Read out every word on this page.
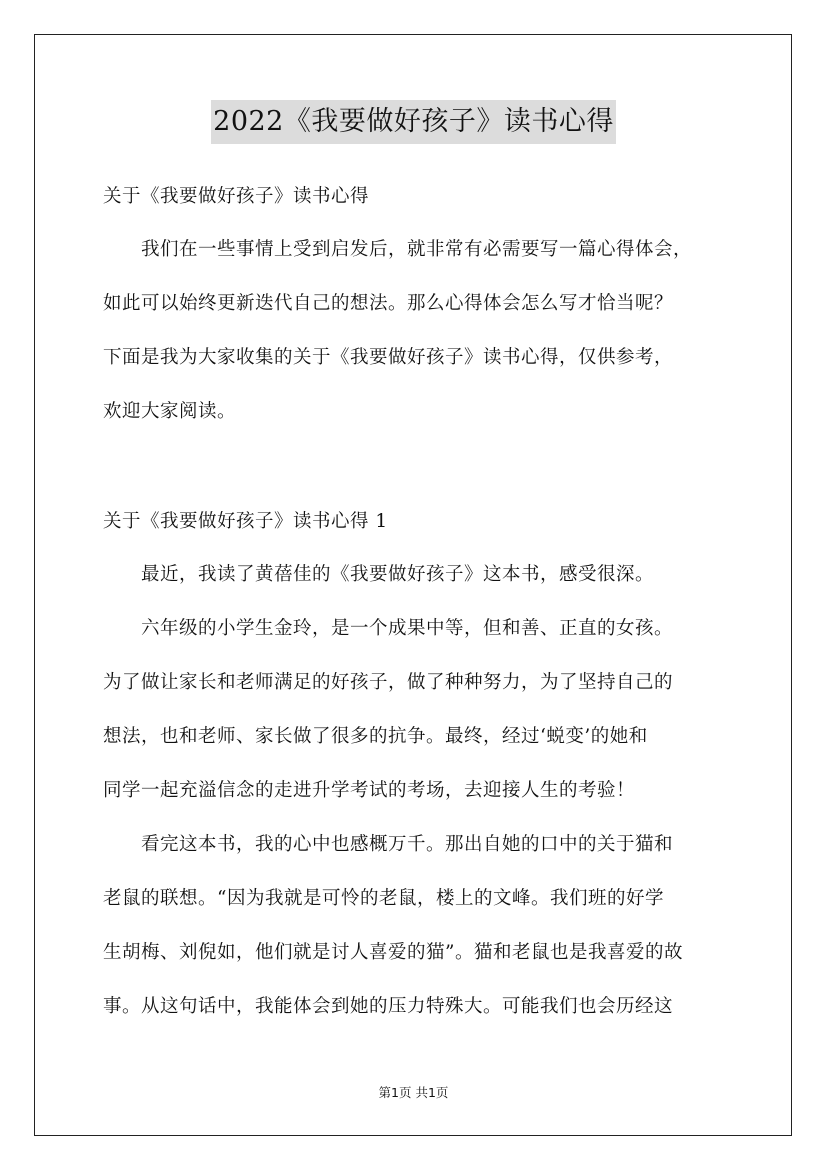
2022《我要做好孩子》读书心得
关于《我要做好孩子》读书心得
我们在一些事情上受到启发后，就非常有必需要写一篇心得体会，
如此可以始终更新迭代自己的想法。那么心得体会怎么写才恰当呢？
下面是我为大家收集的关于《我要做好孩子》读书心得，仅供参考，
欢迎大家阅读。
关于《我要做好孩子》读书心得 1
最近，我读了黄蓓佳的《我要做好孩子》这本书，感受很深。
六年级的小学生金玲，是一个成果中等，但和善、正直的女孩。
为了做让家长和老师满足的好孩子，做了种种努力，为了坚持自己的
想法，也和老师、家长做了很多的抗争。最终，经过‘蜕变’的她和
同学一起充溢信念的走进升学考试的考场，去迎接人生的考验！
看完这本书，我的心中也感概万千。那出自她的口中的关于猫和
老鼠的联想。“因为我就是可怜的老鼠，楼上的文峰。我们班的好学
生胡梅、刘倪如，他们就是讨人喜爱的猫”。猫和老鼠也是我喜爱的故
事。从这句话中，我能体会到她的压力特殊大。可能我们也会历经这
第1页 共1页
